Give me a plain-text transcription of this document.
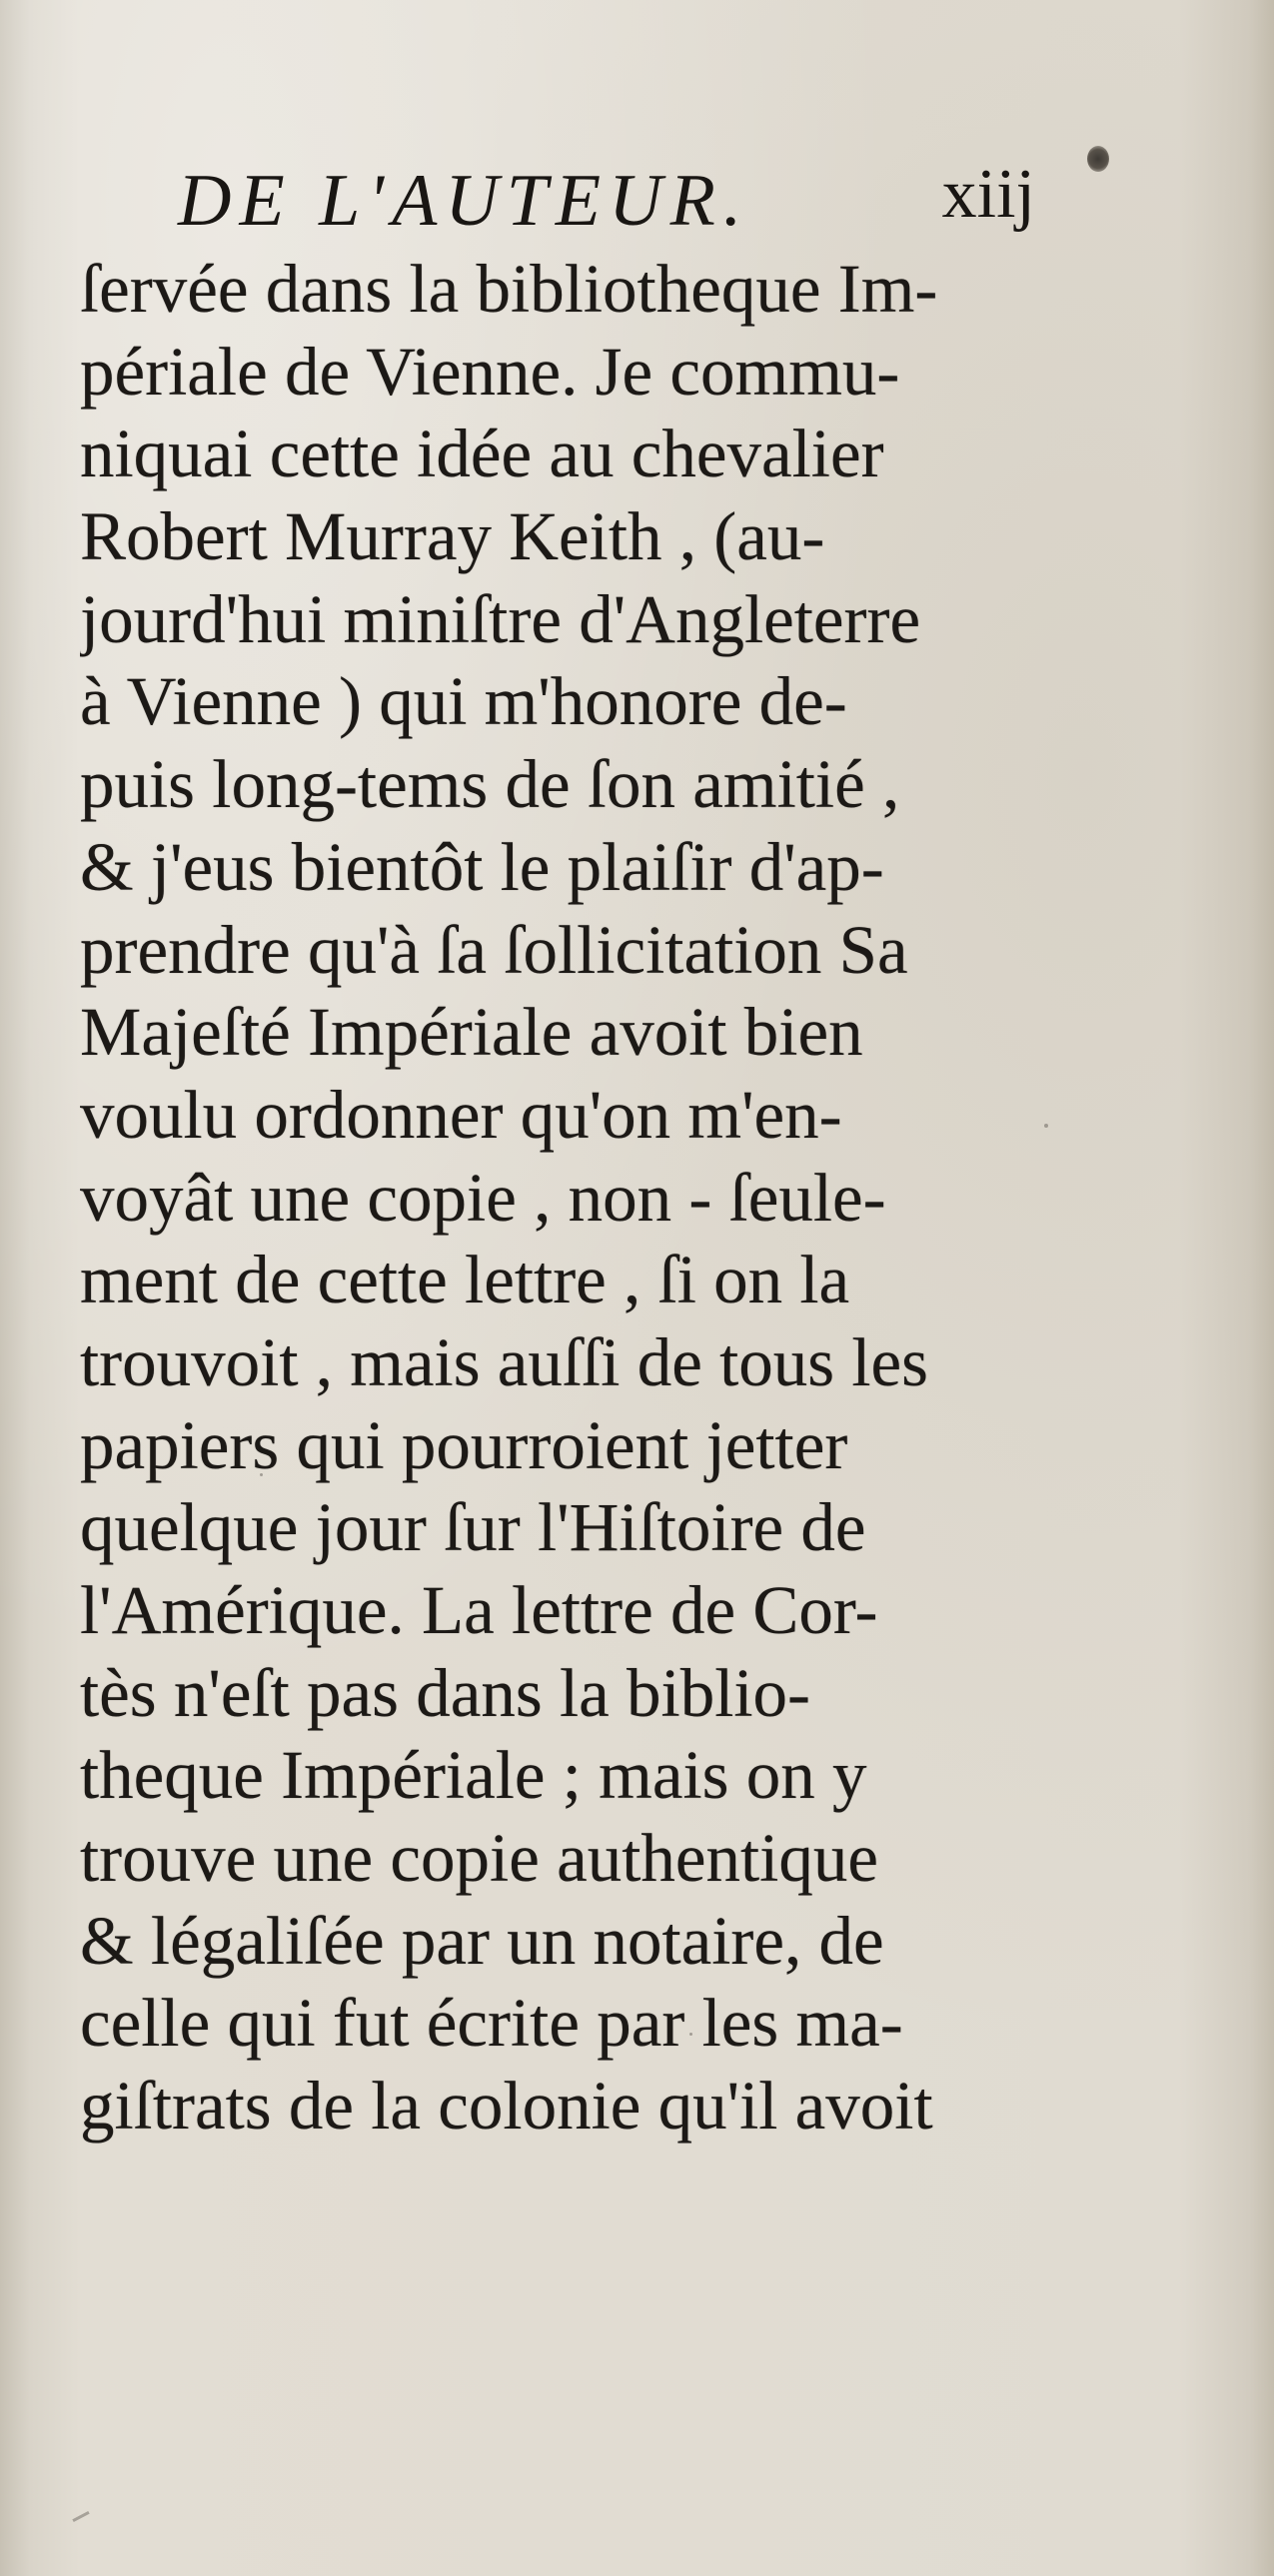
DE L'AUTEUR.	xiij
ſervée dans la bibliotheque Im-
périale de Vienne. Je commu-
niquai cette idée au chevalier
Robert Murray Keith , (au-
jourd'hui miniſtre d'Angleterre
à Vienne ) qui m'honore de-
puis long-tems de ſon amitié ,
& j'eus bientôt le plaiſir d'ap-
prendre qu'à ſa ſollicitation Sa
Majeſté Impériale avoit bien
voulu ordonner qu'on m'en-
voyât une copie , non - ſeule-
ment de cette lettre , ſi on la
trouvoit , mais auſſi de tous les
papiers qui pourroient jetter
quelque jour ſur l'Hiſtoire de
l'Amérique. La lettre de Cor-
tès n'eſt pas dans la biblio-
theque Impériale ; mais on y
trouve une copie authentique
& légaliſée par un notaire, de
celle qui fut écrite par les ma-
giſtrats de la colonie qu'il avoit
